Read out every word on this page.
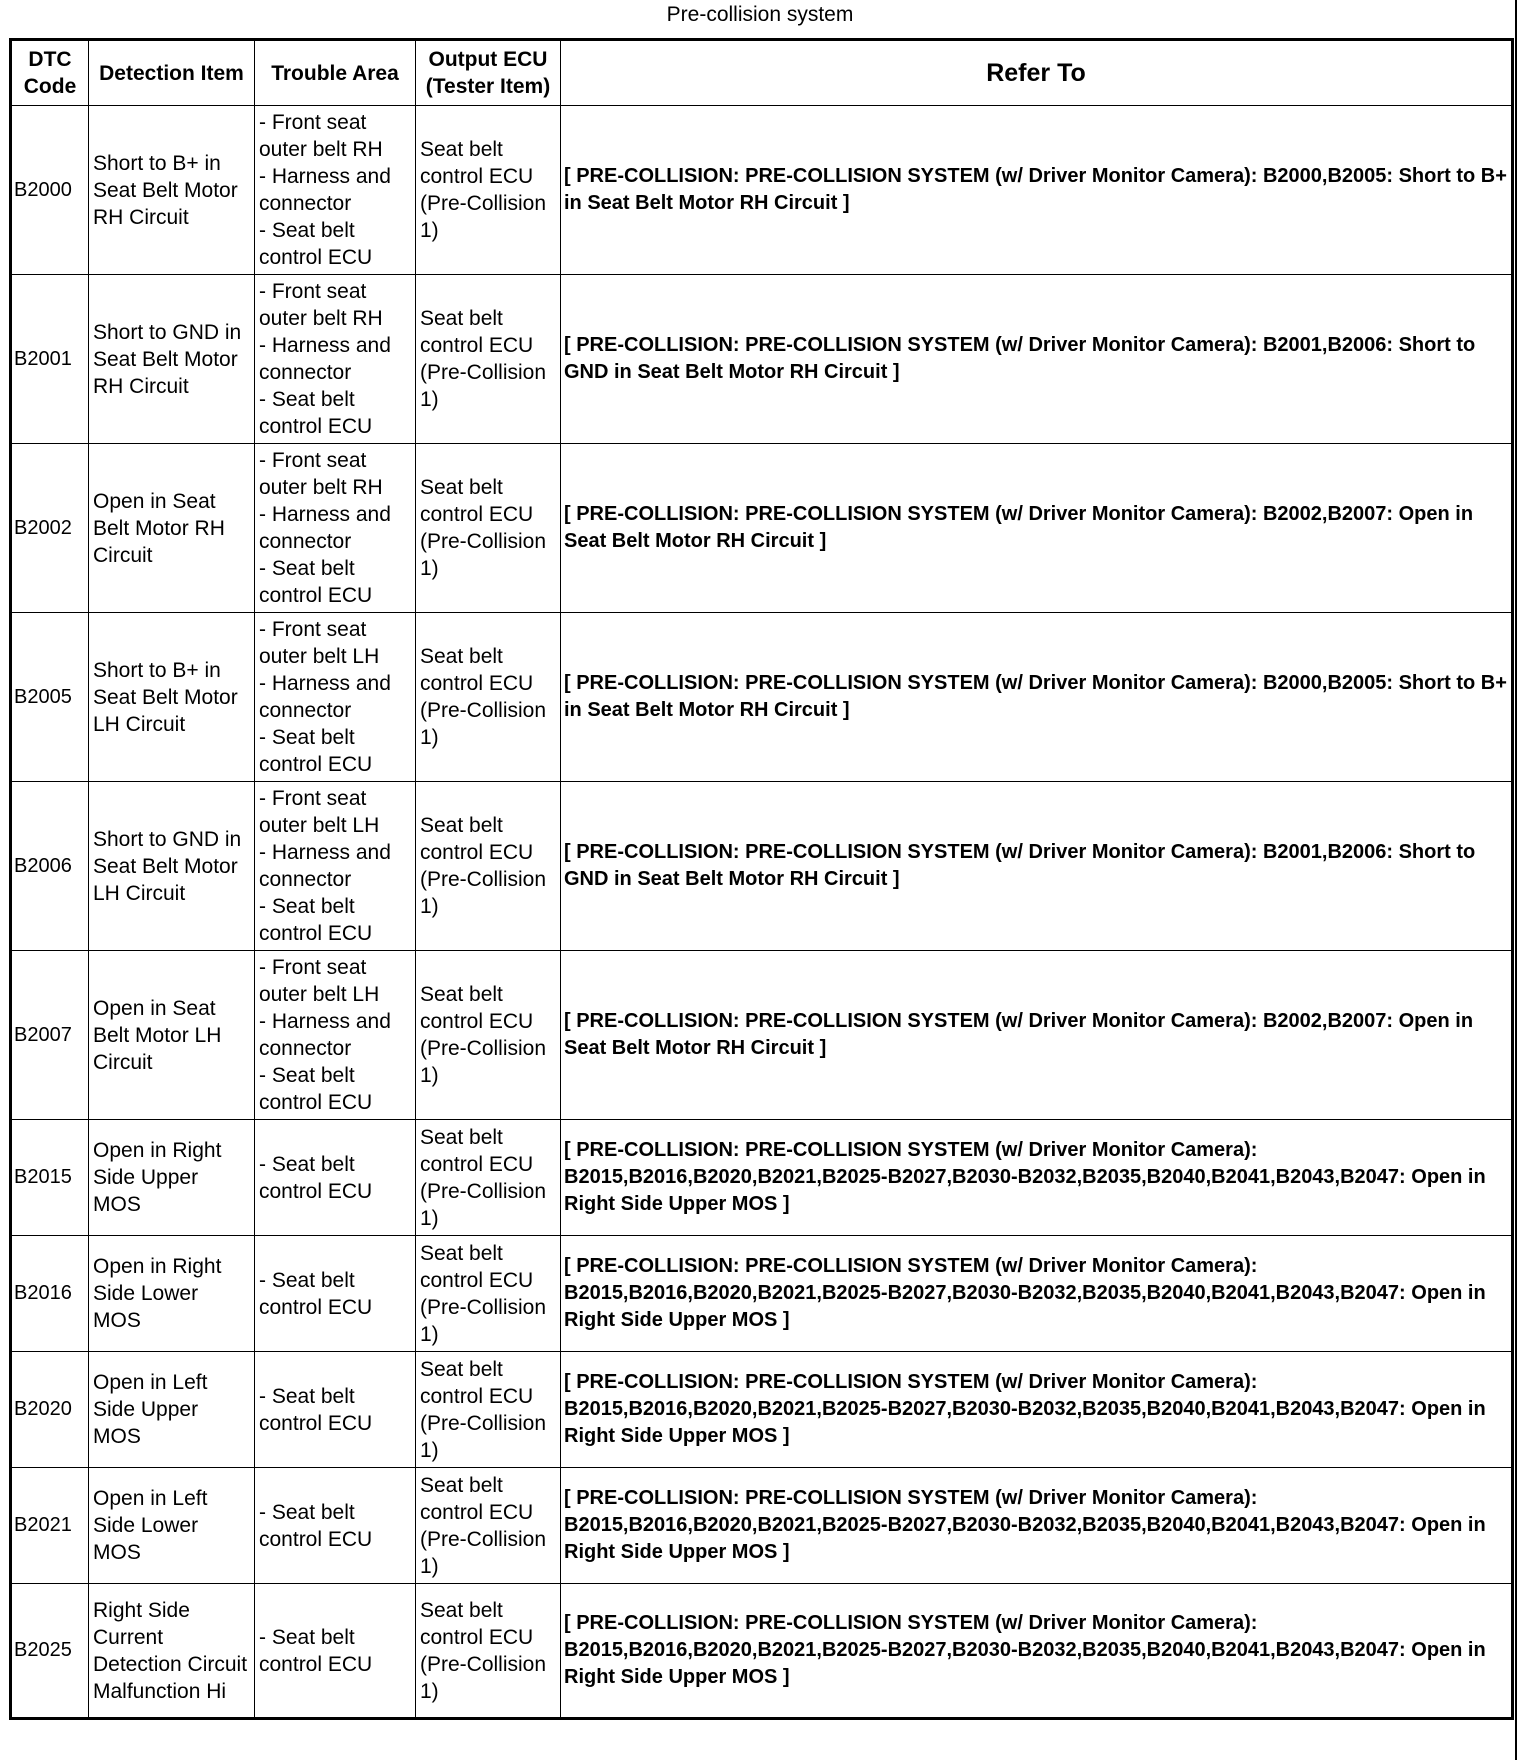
Pre-collision system
DTC Code	Detection Item	Trouble Area	Output ECU (Tester Item)	Refer To
B2000	Short to B+ in Seat Belt Motor RH Circuit	- Front seat outer belt RH
- Harness and connector
- Seat belt control ECU	Seat belt control ECU (Pre-Collision 1)	[ PRE-COLLISION: PRE-COLLISION SYSTEM (w/ Driver Monitor Camera): B2000,B2005: Short to B+ in Seat Belt Motor RH Circuit ]
B2001	Short to GND in Seat Belt Motor RH Circuit	- Front seat outer belt RH
- Harness and connector
- Seat belt control ECU	Seat belt control ECU (Pre-Collision 1)	[ PRE-COLLISION: PRE-COLLISION SYSTEM (w/ Driver Monitor Camera): B2001,B2006: Short to GND in Seat Belt Motor RH Circuit ]
B2002	Open in Seat Belt Motor RH Circuit	- Front seat outer belt RH
- Harness and connector
- Seat belt control ECU	Seat belt control ECU (Pre-Collision 1)	[ PRE-COLLISION: PRE-COLLISION SYSTEM (w/ Driver Monitor Camera): B2002,B2007: Open in Seat Belt Motor RH Circuit ]
B2005	Short to B+ in Seat Belt Motor LH Circuit	- Front seat outer belt LH
- Harness and connector
- Seat belt control ECU	Seat belt control ECU (Pre-Collision 1)	[ PRE-COLLISION: PRE-COLLISION SYSTEM (w/ Driver Monitor Camera): B2000,B2005: Short to B+ in Seat Belt Motor RH Circuit ]
B2006	Short to GND in Seat Belt Motor LH Circuit	- Front seat outer belt LH
- Harness and connector
- Seat belt control ECU	Seat belt control ECU (Pre-Collision 1)	[ PRE-COLLISION: PRE-COLLISION SYSTEM (w/ Driver Monitor Camera): B2001,B2006: Short to GND in Seat Belt Motor RH Circuit ]
B2007	Open in Seat Belt Motor LH Circuit	- Front seat outer belt LH
- Harness and connector
- Seat belt control ECU	Seat belt control ECU (Pre-Collision 1)	[ PRE-COLLISION: PRE-COLLISION SYSTEM (w/ Driver Monitor Camera): B2002,B2007: Open in Seat Belt Motor RH Circuit ]
B2015	Open in Right Side Upper MOS	- Seat belt control ECU	Seat belt control ECU (Pre-Collision 1)	[ PRE-COLLISION: PRE-COLLISION SYSTEM (w/ Driver Monitor Camera): B2015,B2016,B2020,B2021,B2025-B2027,B2030-B2032,B2035,B2040,B2041,B2043,B2047: Open in Right Side Upper MOS ]
B2016	Open in Right Side Lower MOS	- Seat belt control ECU	Seat belt control ECU (Pre-Collision 1)	[ PRE-COLLISION: PRE-COLLISION SYSTEM (w/ Driver Monitor Camera): B2015,B2016,B2020,B2021,B2025-B2027,B2030-B2032,B2035,B2040,B2041,B2043,B2047: Open in Right Side Upper MOS ]
B2020	Open in Left Side Upper MOS	- Seat belt control ECU	Seat belt control ECU (Pre-Collision 1)	[ PRE-COLLISION: PRE-COLLISION SYSTEM (w/ Driver Monitor Camera): B2015,B2016,B2020,B2021,B2025-B2027,B2030-B2032,B2035,B2040,B2041,B2043,B2047: Open in Right Side Upper MOS ]
B2021	Open in Left Side Lower MOS	- Seat belt control ECU	Seat belt control ECU (Pre-Collision 1)	[ PRE-COLLISION: PRE-COLLISION SYSTEM (w/ Driver Monitor Camera): B2015,B2016,B2020,B2021,B2025-B2027,B2030-B2032,B2035,B2040,B2041,B2043,B2047: Open in Right Side Upper MOS ]
B2025	Right Side Current Detection Circuit Malfunction Hi	- Seat belt control ECU	Seat belt control ECU (Pre-Collision 1)	[ PRE-COLLISION: PRE-COLLISION SYSTEM (w/ Driver Monitor Camera): B2015,B2016,B2020,B2021,B2025-B2027,B2030-B2032,B2035,B2040,B2041,B2043,B2047: Open in Right Side Upper MOS ]
